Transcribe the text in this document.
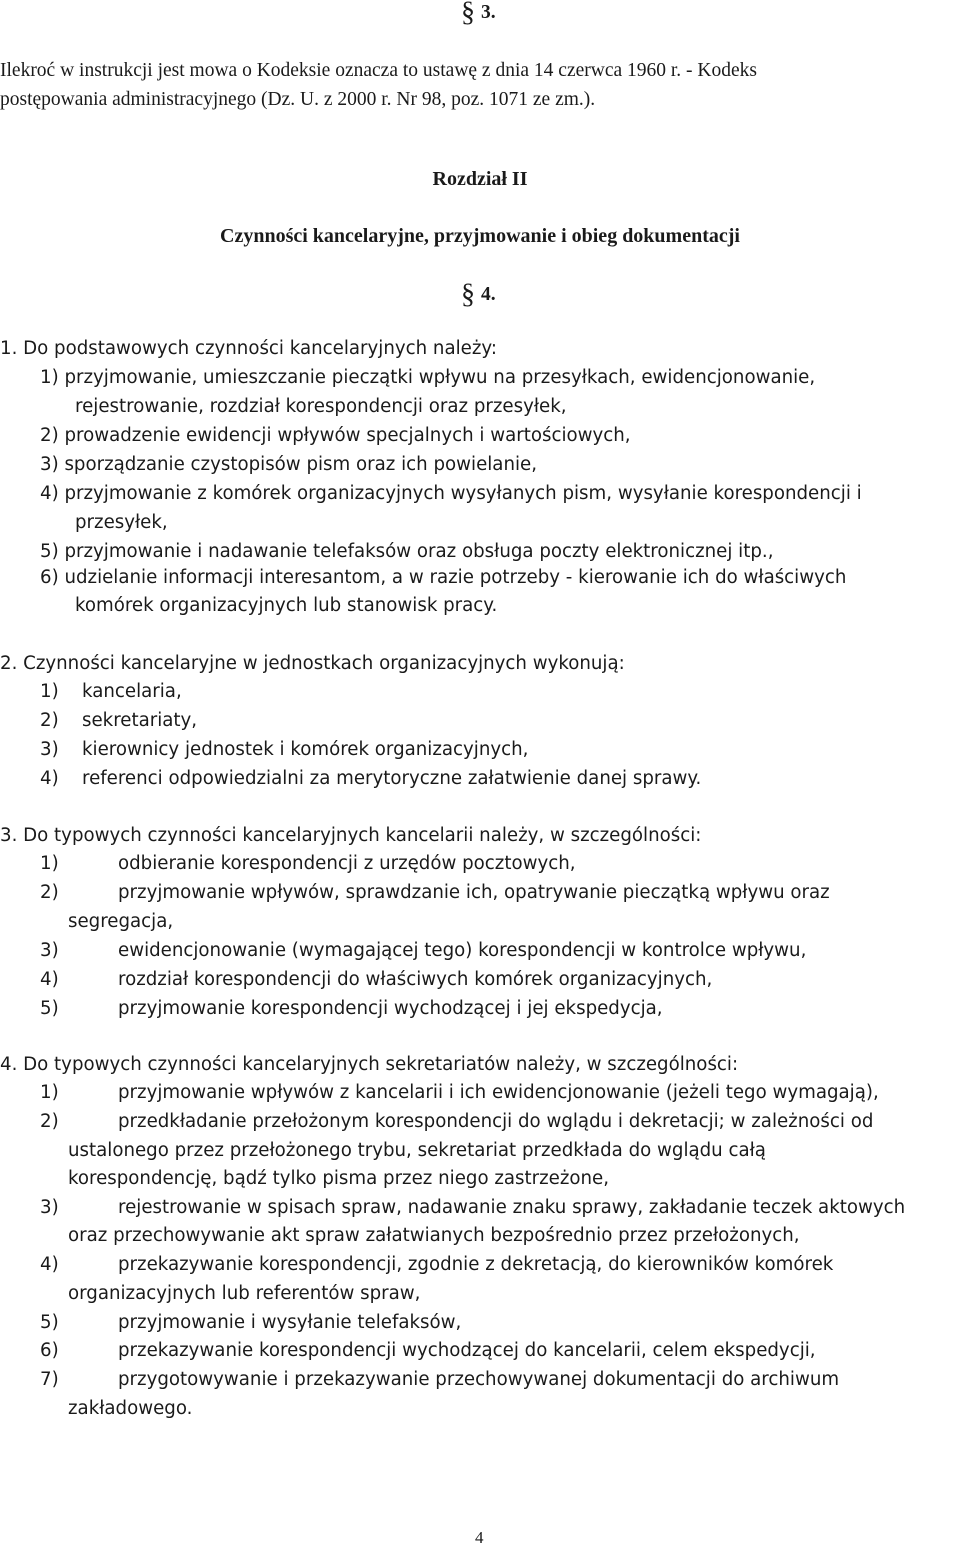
§ 3.
Ilekroć w instrukcji jest mowa o Kodeksie oznacza to ustawę z dnia 14 czerwca 1960 r. - Kodeks
postępowania administracyjnego (Dz. U. z 2000 r. Nr 98, poz. 1071 ze zm.).
Rozdział II
Czynności kancelaryjne, przyjmowanie i obieg dokumentacji
§ 4.
1. Do podstawowych czynności kancelaryjnych należy:
1) przyjmowanie, umieszczanie pieczątki wpływu na przesyłkach, ewidencjonowanie,
rejestrowanie, rozdział korespondencji oraz przesyłek,
2) prowadzenie ewidencji wpływów specjalnych i wartościowych,
3) sporządzanie czystopisów pism oraz ich powielanie,
4) przyjmowanie z komórek organizacyjnych wysyłanych pism, wysyłanie korespondencji i
przesyłek,
5) przyjmowanie i nadawanie telefaksów oraz obsługa poczty elektronicznej itp.,
6) udzielanie informacji interesantom, a w razie potrzeby - kierowanie ich do właściwych
komórek organizacyjnych lub stanowisk pracy.
2. Czynności kancelaryjne w jednostkach organizacyjnych wykonują:
1) kancelaria,
2) sekretariaty,
3) kierownicy jednostek i komórek organizacyjnych,
4) referenci odpowiedzialni za merytoryczne załatwienie danej sprawy.
3. Do typowych czynności kancelaryjnych kancelarii należy, w szczególności:
1)	odbieranie korespondencji z urzędów pocztowych,
2)	przyjmowanie wpływów, sprawdzanie ich, opatrywanie pieczątką wpływu oraz
segregacja,
3)	ewidencjonowanie (wymagającej tego) korespondencji w kontrolce wpływu,
4)	rozdział korespondencji do właściwych komórek organizacyjnych,
5)	przyjmowanie korespondencji wychodzącej i jej ekspedycja,
4. Do typowych czynności kancelaryjnych sekretariatów należy, w szczególności:
1)	przyjmowanie wpływów z kancelarii i ich ewidencjonowanie (jeżeli tego wymagają),
2)	przedkładanie przełożonym korespondencji do wglądu i dekretacji; w zależności od
ustalonego przez przełożonego trybu, sekretariat przedkłada do wglądu całą
korespondencję, bądź tylko pisma przez niego zastrzeżone,
3)	rejestrowanie w spisach spraw, nadawanie znaku sprawy, zakładanie teczek aktowych
oraz przechowywanie akt spraw załatwianych bezpośrednio przez przełożonych,
4)	przekazywanie korespondencji, zgodnie z dekretacją, do kierowników komórek
organizacyjnych lub referentów spraw,
5)	przyjmowanie i wysyłanie telefaksów,
6)	przekazywanie korespondencji wychodzącej do kancelarii, celem ekspedycji,
7)	przygotowywanie i przekazywanie przechowywanej dokumentacji do archiwum
zakładowego.
4
